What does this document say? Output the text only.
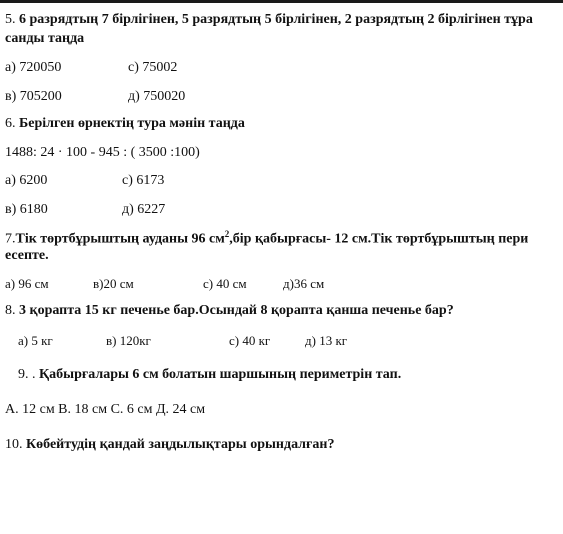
5. 6 разрядтың 7 бірлігінен, 5 разрядтың 5 бірлігінен, 2 разрядтың 2 бірлігінен тұра
санды таңда
а) 720050	с) 75002
в) 705200	д) 750020
6. Берілген өрнектің тура мәнін таңда
1488: 24 · 100 - 945 : ( 3500 :100)
а) 6200	с) 6173
в) 6180	д) 6227
7.Тік төртбұрыштың ауданы 96 $см^2,бір$ қабырғасы- 12 см.Тік төртбұрыштың пери
есепте.
а) 96 см	в)20 см	с) 40 см	д)36 см
8. 3 қорапта 15 кг печенье бар.Осындай 8 қорапта қанша печенье бар?
а) 5 кг	в) 120кг	с) 40 кг	д) 13 кг
9. . Қабырғалары 6 см болатын шаршының периметрін тап.
А. 12 см В. 18 см С. 6 см Д. 24 см
10. Көбейтудің қандай заңдылықтары орындалған?
